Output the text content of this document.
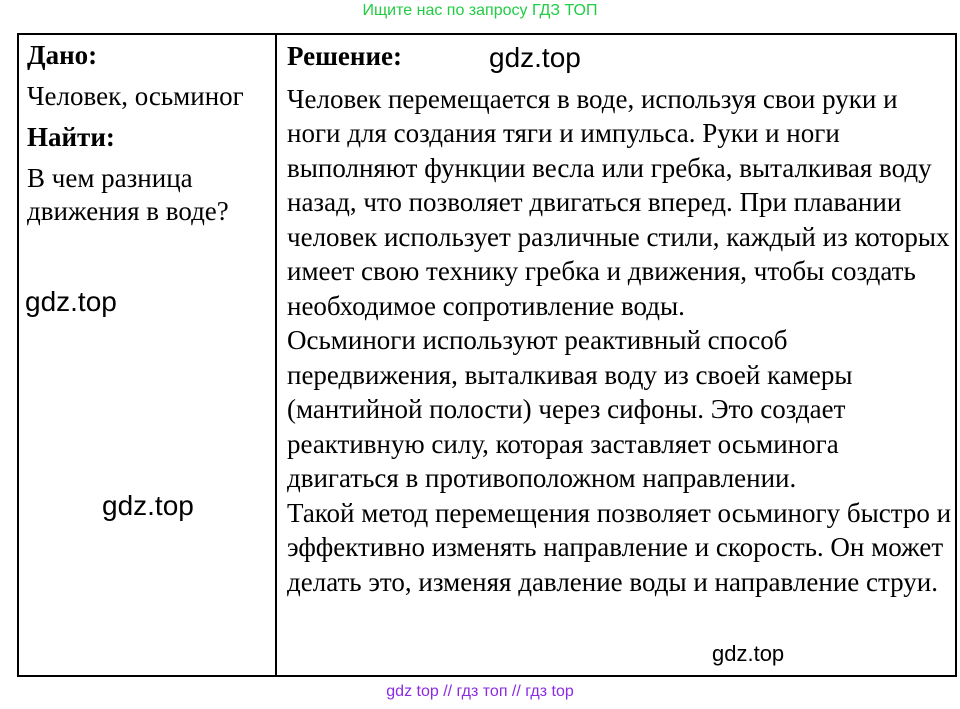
Ищите нас по запросу ГДЗ ТОП
Дано:
Человек, осьминог
Найти:
В чем разница движения в воде?
Решение:
Человек перемещается в воде, используя свои руки и ноги для создания тяги и импульса. Руки и ноги выполняют функции весла или гребка, выталкивая воду назад, что позволяет двигаться вперед. При плавании человек использует различные стили, каждый из которых имеет свою технику гребка и движения, чтобы создать необходимое сопротивление воды.
Осьминоги используют реактивный способ передвижения, выталкивая воду из своей камеры (мантийной полости) через сифоны. Это создает реактивную силу, которая заставляет осьминога двигаться в противоположном направлении.
Такой метод перемещения позволяет осьминогу быстро и эффективно изменять направление и скорость. Он может делать это, изменяя давление воды и направление струи.
gdz.top
gdz.top
gdz.top
gdz.top
gdz top // гдз топ // гдз top
